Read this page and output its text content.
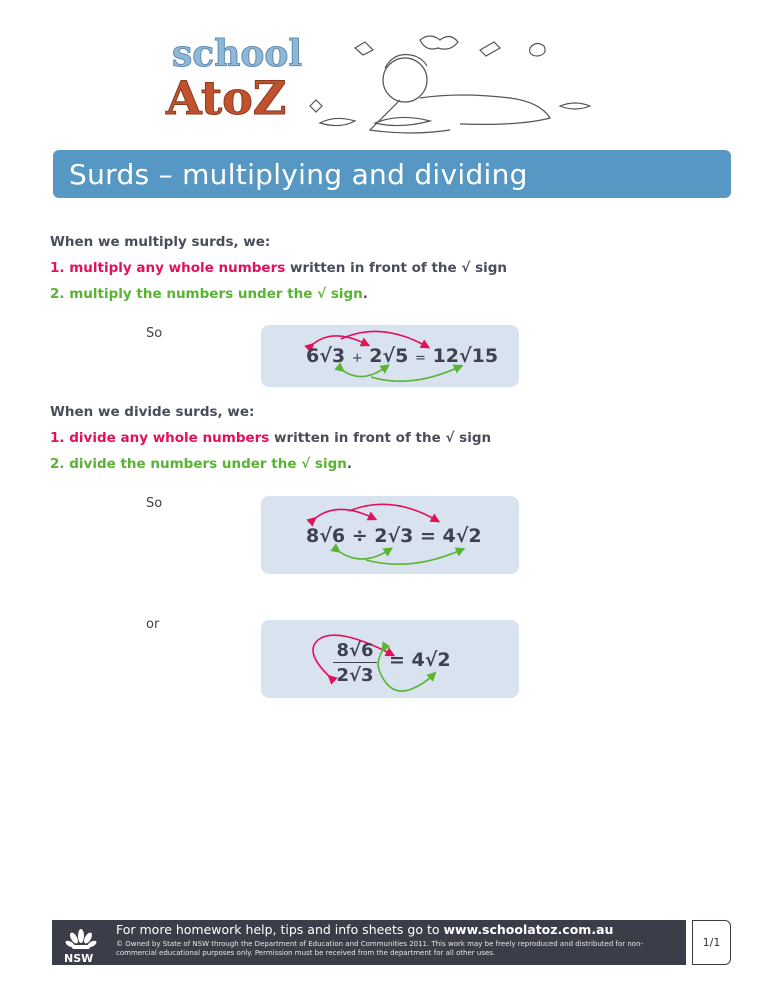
school
AtoZ
Surds – multiplying and dividing
When we multiply surds, we:
1. multiply any whole numbers written in front of the √ sign
2. multiply the numbers under the √ sign.
So
6√3 + 2√5 = 12√15
When we divide surds, we:
1. divide any whole numbers written in front of the √ sign
2. divide the numbers under the √ sign.
So
8√6 ÷ 2√3 = 4√2
or
8√6
2√3
= 4√2
NSW
For more homework help, tips and info sheets go to www.schoolatoz.com.au
© Owned by State of NSW through the Department of Education and Communities 2011. This work may be freely reproduced and distributed for non-commercial educational purposes only. Permission must be received from the department for all other uses.
1/1
